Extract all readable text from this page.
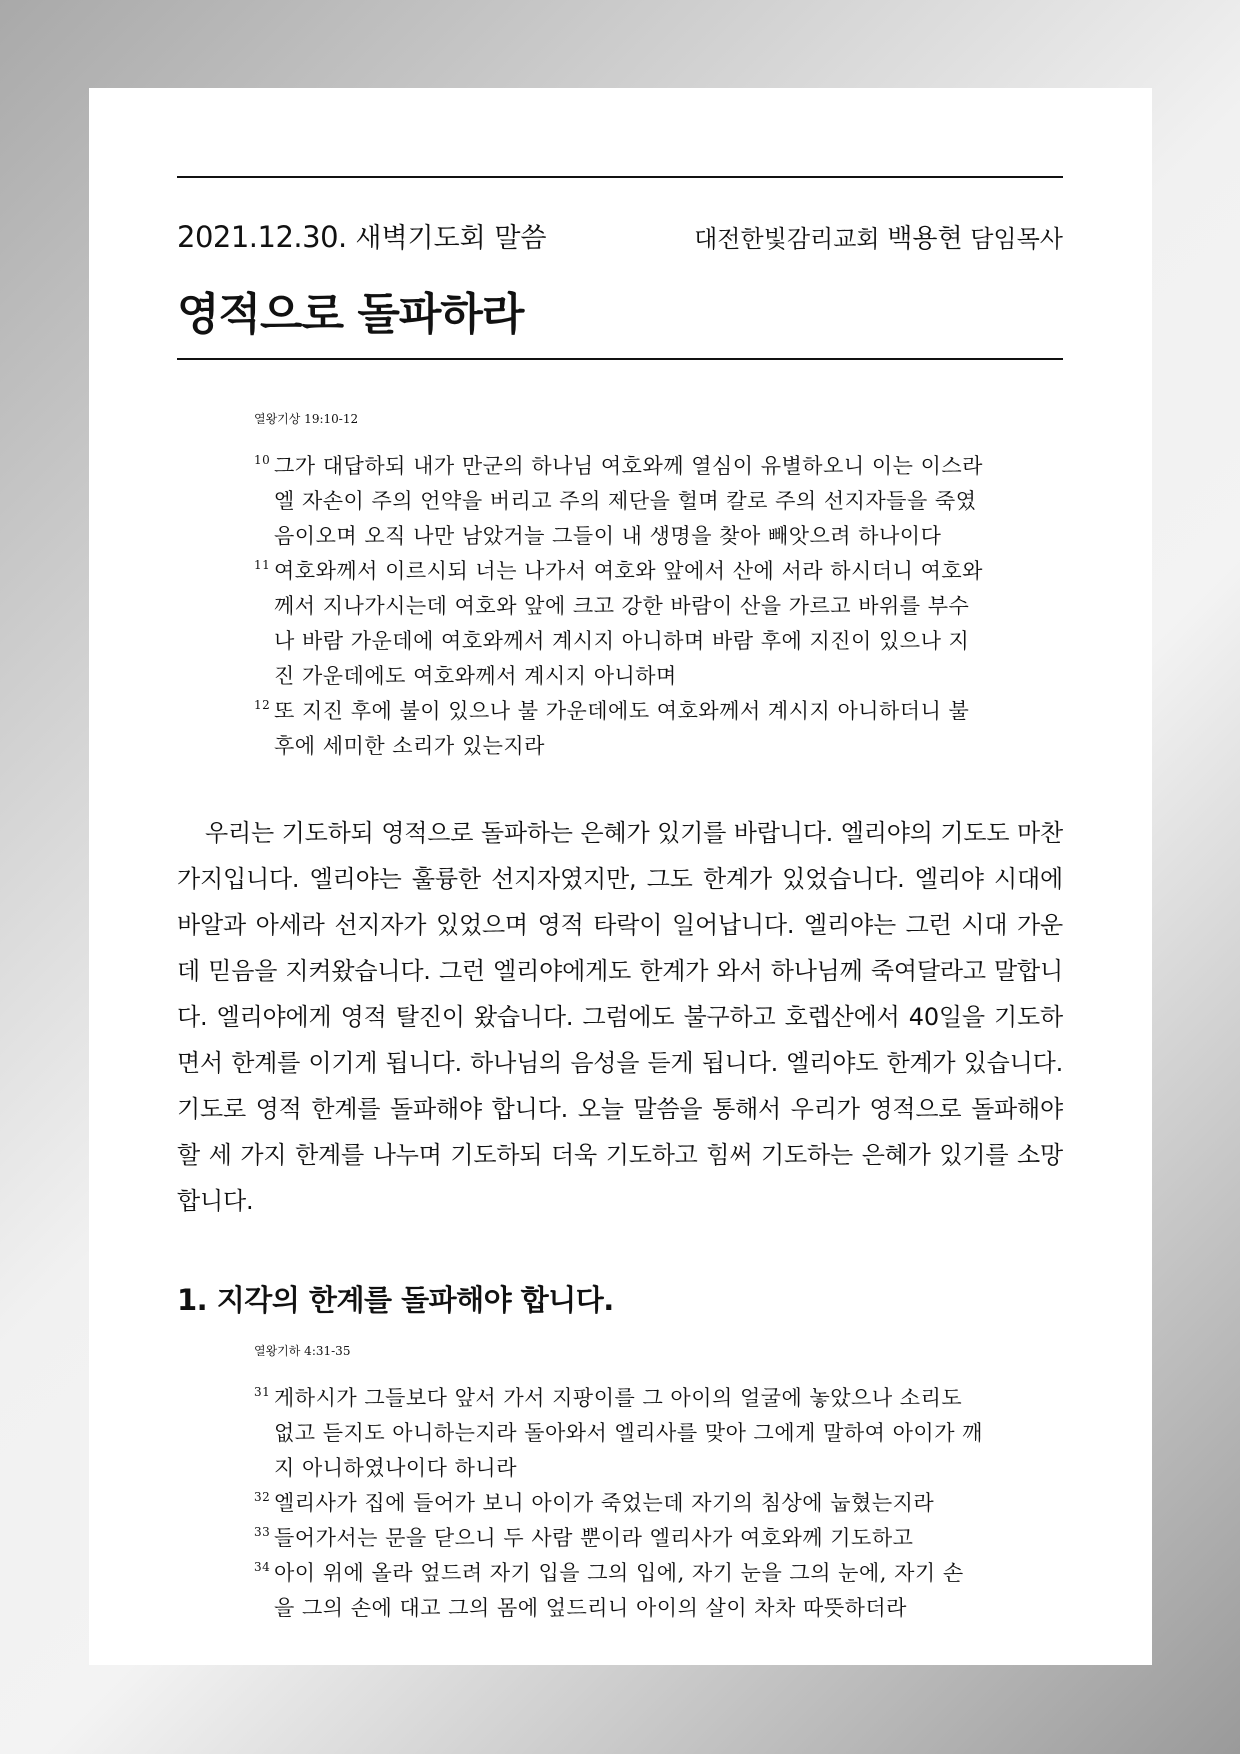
2021.12.30. 새벽기도회 말씀	대전한빛감리교회 백용현 담임목사
영적으로 돌파하라
열왕기상 19:10-12
10 그가 대답하되 내가 만군의 하나님 여호와께 열심이 유별하오니 이는 이스라엘 자손이 주의 언약을 버리고 주의 제단을 헐며 칼로 주의 선지자들을 죽였음이오며 오직 나만 남았거늘 그들이 내 생명을 찾아 빼앗으려 하나이다
11 여호와께서 이르시되 너는 나가서 여호와 앞에서 산에 서라 하시더니 여호와께서 지나가시는데 여호와 앞에 크고 강한 바람이 산을 가르고 바위를 부수나 바람 가운데에 여호와께서 계시지 아니하며 바람 후에 지진이 있으나 지진 가운데에도 여호와께서 계시지 아니하며
12 또 지진 후에 불이 있으나 불 가운데에도 여호와께서 계시지 아니하더니 불 후에 세미한 소리가 있는지라

우리는 기도하되 영적으로 돌파하는 은혜가 있기를 바랍니다. 엘리야의 기도도 마찬가지입니다. 엘리야는 훌륭한 선지자였지만, 그도 한계가 있었습니다. 엘리야 시대에 바알과 아세라 선지자가 있었으며 영적 타락이 일어납니다. 엘리야는 그런 시대 가운데 믿음을 지켜왔습니다. 그런 엘리야에게도 한계가 와서 하나님께 죽여달라고 말합니다. 엘리야에게 영적 탈진이 왔습니다. 그럼에도 불구하고 호렙산에서 40일을 기도하면서 한계를 이기게 됩니다. 하나님의 음성을 듣게 됩니다. 엘리야도 한계가 있습니다. 기도로 영적 한계를 돌파해야 합니다. 오늘 말씀을 통해서 우리가 영적으로 돌파해야 할 세 가지 한계를 나누며 기도하되 더욱 기도하고 힘써 기도하는 은혜가 있기를 소망합니다.

1. 지각의 한계를 돌파해야 합니다.
열왕기하 4:31-35
31 게하시가 그들보다 앞서 가서 지팡이를 그 아이의 얼굴에 놓았으나 소리도 없고 듣지도 아니하는지라 돌아와서 엘리사를 맞아 그에게 말하여 아이가 깨지 아니하였나이다 하니라
32 엘리사가 집에 들어가 보니 아이가 죽었는데 자기의 침상에 눕혔는지라
33 들어가서는 문을 닫으니 두 사람 뿐이라 엘리사가 여호와께 기도하고
34 아이 위에 올라 엎드려 자기 입을 그의 입에, 자기 눈을 그의 눈에, 자기 손을 그의 손에 대고 그의 몸에 엎드리니 아이의 살이 차차 따뜻하더라
